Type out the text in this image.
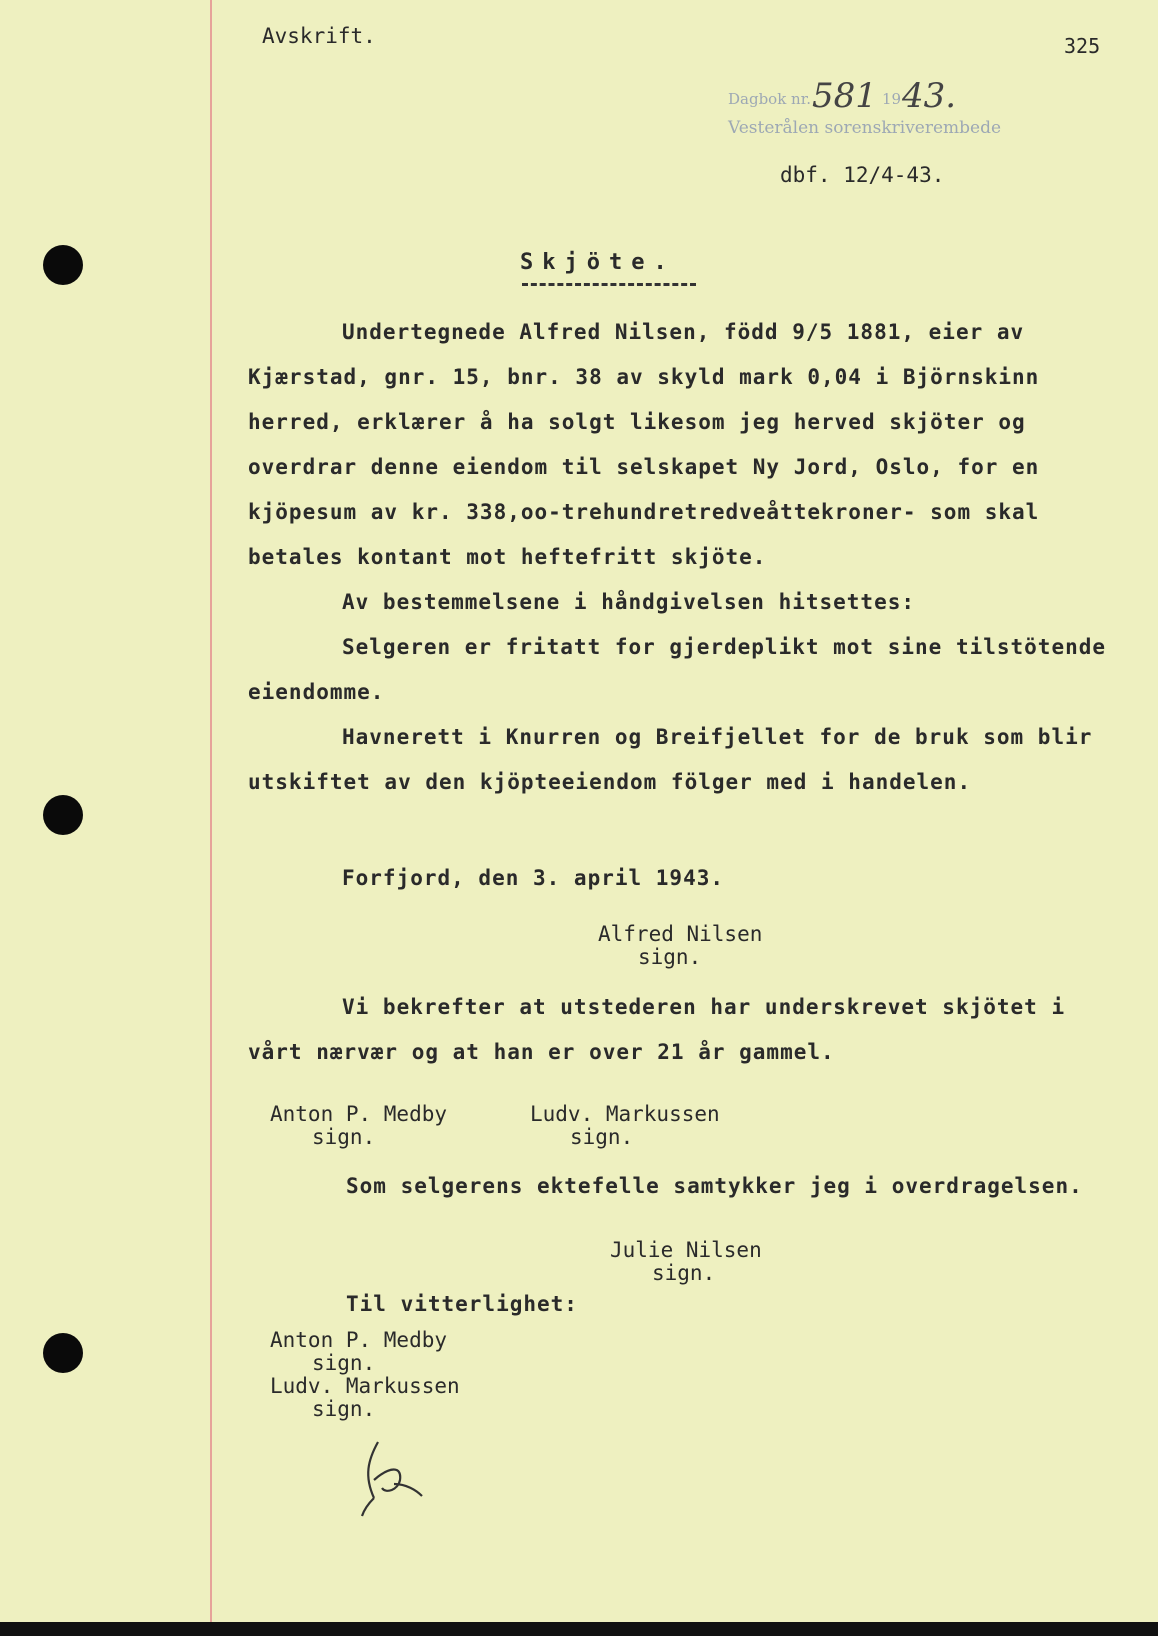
Avskrift.	325
Dagbok nr. 581 19 43.
Vesterålen sorenskriverembede
dbf. 12/4-43.
Skjöte.
Undertegnede Alfred Nilsen, född 9/5 1881, eier av
Kjærstad, gnr. 15, bnr. 38 av skyld mark 0,04 i Björnskinn
herred, erklærer å ha solgt likesom jeg herved skjöter og
overdrar denne eiendom til selskapet Ny Jord, Oslo, for en
kjöpesum av kr. 338,oo-trehundretredveåttekroner- som skal
betales kontant mot heftefritt skjöte.
Av bestemmelsene i håndgivelsen hitsettes:
Selgeren er fritatt for gjerdeplikt mot sine tilstötende
eiendomme.
Havnerett i Knurren og Breifjellet for de bruk som blir
utskiftet av den kjöpteeiendom fölger med i handelen.
Forfjord, den 3. april 1943.
Alfred Nilsen
sign.
Vi bekrefter at utstederen har underskrevet skjötet i
vårt nærvær og at han er over 21 år gammel.
Anton P. Medby
sign.
Ludv. Markussen
sign.
Som selgerens ektefelle samtykker jeg i overdragelsen.
Julie Nilsen
sign.
Til vitterlighet:
Anton P. Medby
sign.
Ludv. Markussen
sign.
